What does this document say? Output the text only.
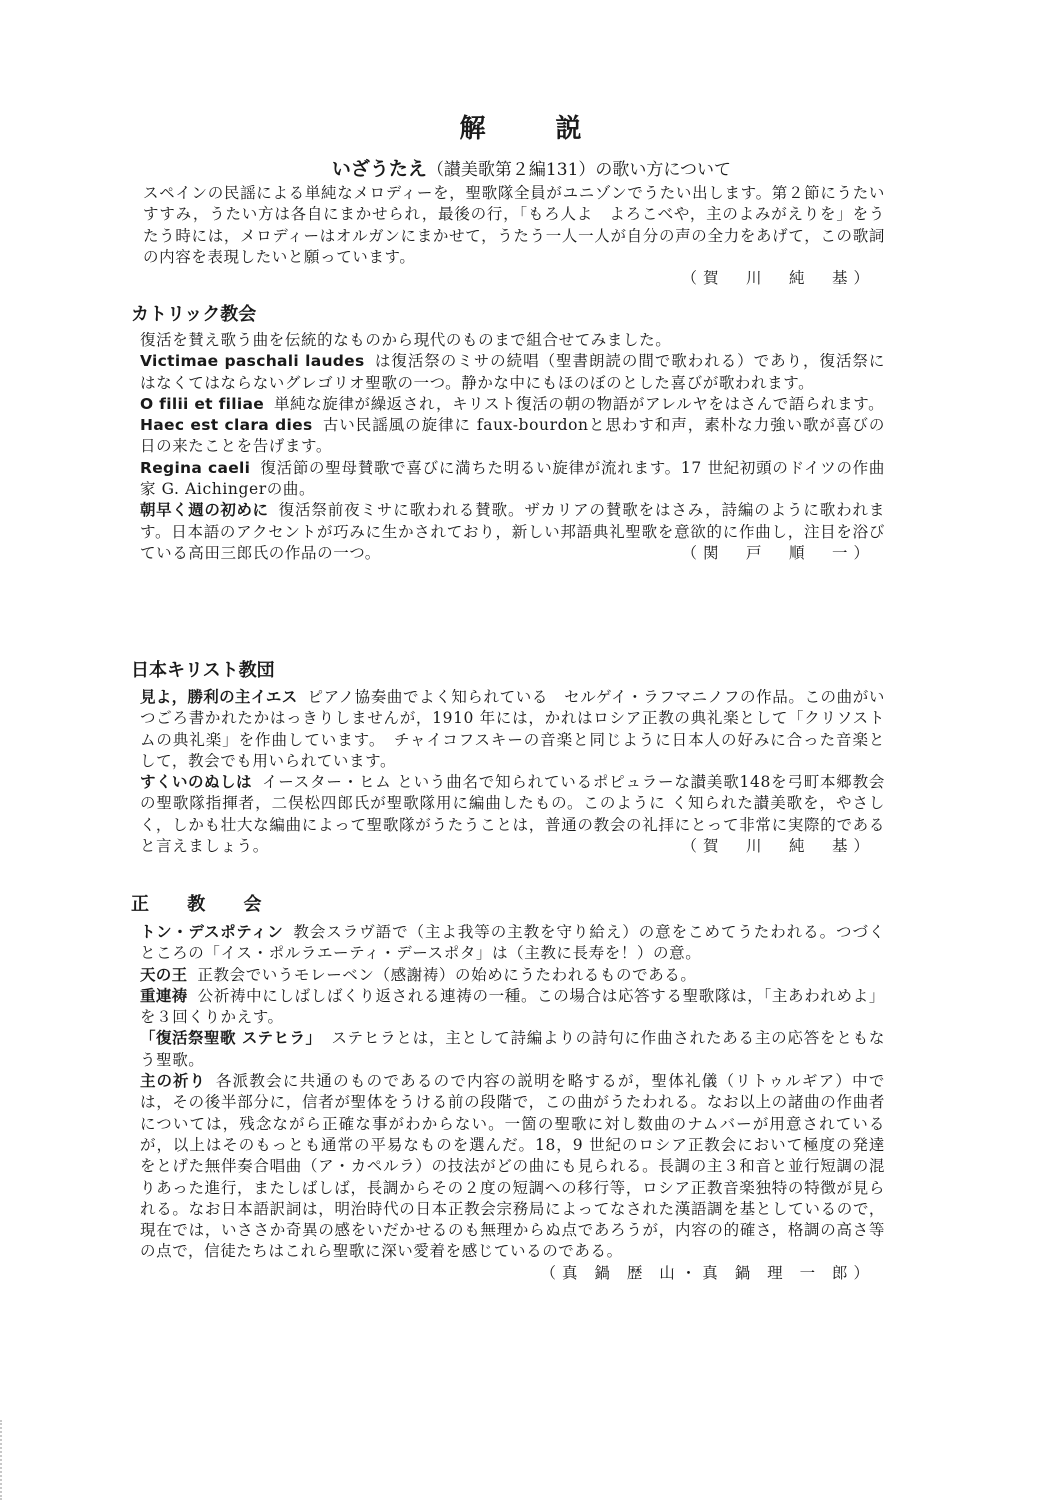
解　説
いざうたえ（讃美歌第２編131）の歌い方について

スペインの民謡による単純なメロディーを，聖歌隊全員がユニゾンでうたい出します。第２節にうたいすすみ，うたい方は各自にまかせられ，最後の行，「もろ人よ　よろこべや，主のよみがえりを」をうたう時には，メロディーはオルガンにまかせて，うたう一人一人が自分の声の全力をあげて，この歌詞の内容を表現したいと願っています。

（賀　川　純　基）
カトリック教会

復活を賛え歌う曲を伝統的なものから現代のものまで組合せてみました。

Victimae paschali laudes は復活祭のミサの続唱（聖書朗読の間で歌われる）であり，復活祭にはなくてはならないグレゴリオ聖歌の一つ。静かな中にもほのぼのとした喜びが歌われます。

O filii et filiae 単純な旋律が繰返され，キリスト復活の朝の物語がアレルヤをはさんで語られます。

Haec est clara dies 古い民謡風の旋律に faux-bourdonと思わす和声，素朴な力強い歌が喜びの日の来たことを告げます。

Regina caeli 復活節の聖母賛歌で喜びに満ちた明るい旋律が流れます。17 世紀初頭のドイツの作曲家 G. Aichingerの曲。

朝早く週の初めに 復活祭前夜ミサに歌われる賛歌。ザカリアの賛歌をはさみ，詩編のように歌われます。日本語のアクセントが巧みに生かされており，新しい邦語典礼聖歌を意欲的に作曲し，注目を浴びている高田三郎氏の作品の一つ。	（関　戸　順　一）

日本キリスト教団

見よ，勝利の主イエス ピアノ協奏曲でよく知られている　セルゲイ・ラフマニノフの作品。この曲がいつごろ書かれたかはっきりしませんが，1910 年には，かれはロシア正教の典礼楽として「クリソストムの典礼楽」を作曲しています。　チャイコフスキーの音楽と同じように日本人の好みに合った音楽として，教会でも用いられています。

すくいのぬしは イースター・ヒム という曲名で知られているポピュラーな讃美歌148を弓町本郷教会の聖歌隊指揮者，二俣松四郎氏が聖歌隊用に編曲したもの。このように く知られた讃美歌を，やさしく，しかも壮大な編曲によって聖歌隊がうたうことは，普通の教会の礼拝にとって非常に実際的であると言えましょう。	（賀　川　純　基）

正 教 会

トン・デスポティン 教会スラヴ語で（主よ我等の主教を守り給え）の意をこめてうたわれる。つづくところの「イス・ポルラエーティ・デースポタ」は（主教に長寿を！）の意。

天の王 正教会でいうモレーベン（感謝祷）の始めにうたわれるものである。

重連祷 公祈祷中にしばしばくり返される連祷の一種。この場合は応答する聖歌隊は，「主あわれめよ」を３回くりかえす。

「復活祭聖歌 ステヒラ」 ステヒラとは，主として詩編よりの詩句に作曲されたある主の応答をともなう聖歌。

主の祈り 各派教会に共通のものであるので内容の説明を略するが，聖体礼儀（リトゥルギア）中では，その後半部分に，信者が聖体をうける前の段階で，この曲がうたわれる。なお以上の諸曲の作曲者については，残念ながら正確な事がわからない。一箇の聖歌に対し数曲のナムバーが用意されているが，以上はそのもっとも通常の平易なものを選んだ。18，9 世紀のロシア正教会において極度の発達をとげた無伴奏合唱曲（ア・カペルラ）の技法がどの曲にも見られる。長調の主３和音と並行短調の混りあった進行，またしばしば，長調からその２度の短調への移行等，ロシア正教音楽独特の特徴が見られる。なお日本語訳詞は，明治時代の日本正教会宗務局によってなされた漢語調を基としているので，現在では，いささか奇異の感をいだかせるのも無理からぬ点であろうが，内容の的確さ，格調の高さ等の点で，信徒たちはこれら聖歌に深い愛着を感じているのである。
（真 鍋 歴 山・真 鍋 理 一 郎）
